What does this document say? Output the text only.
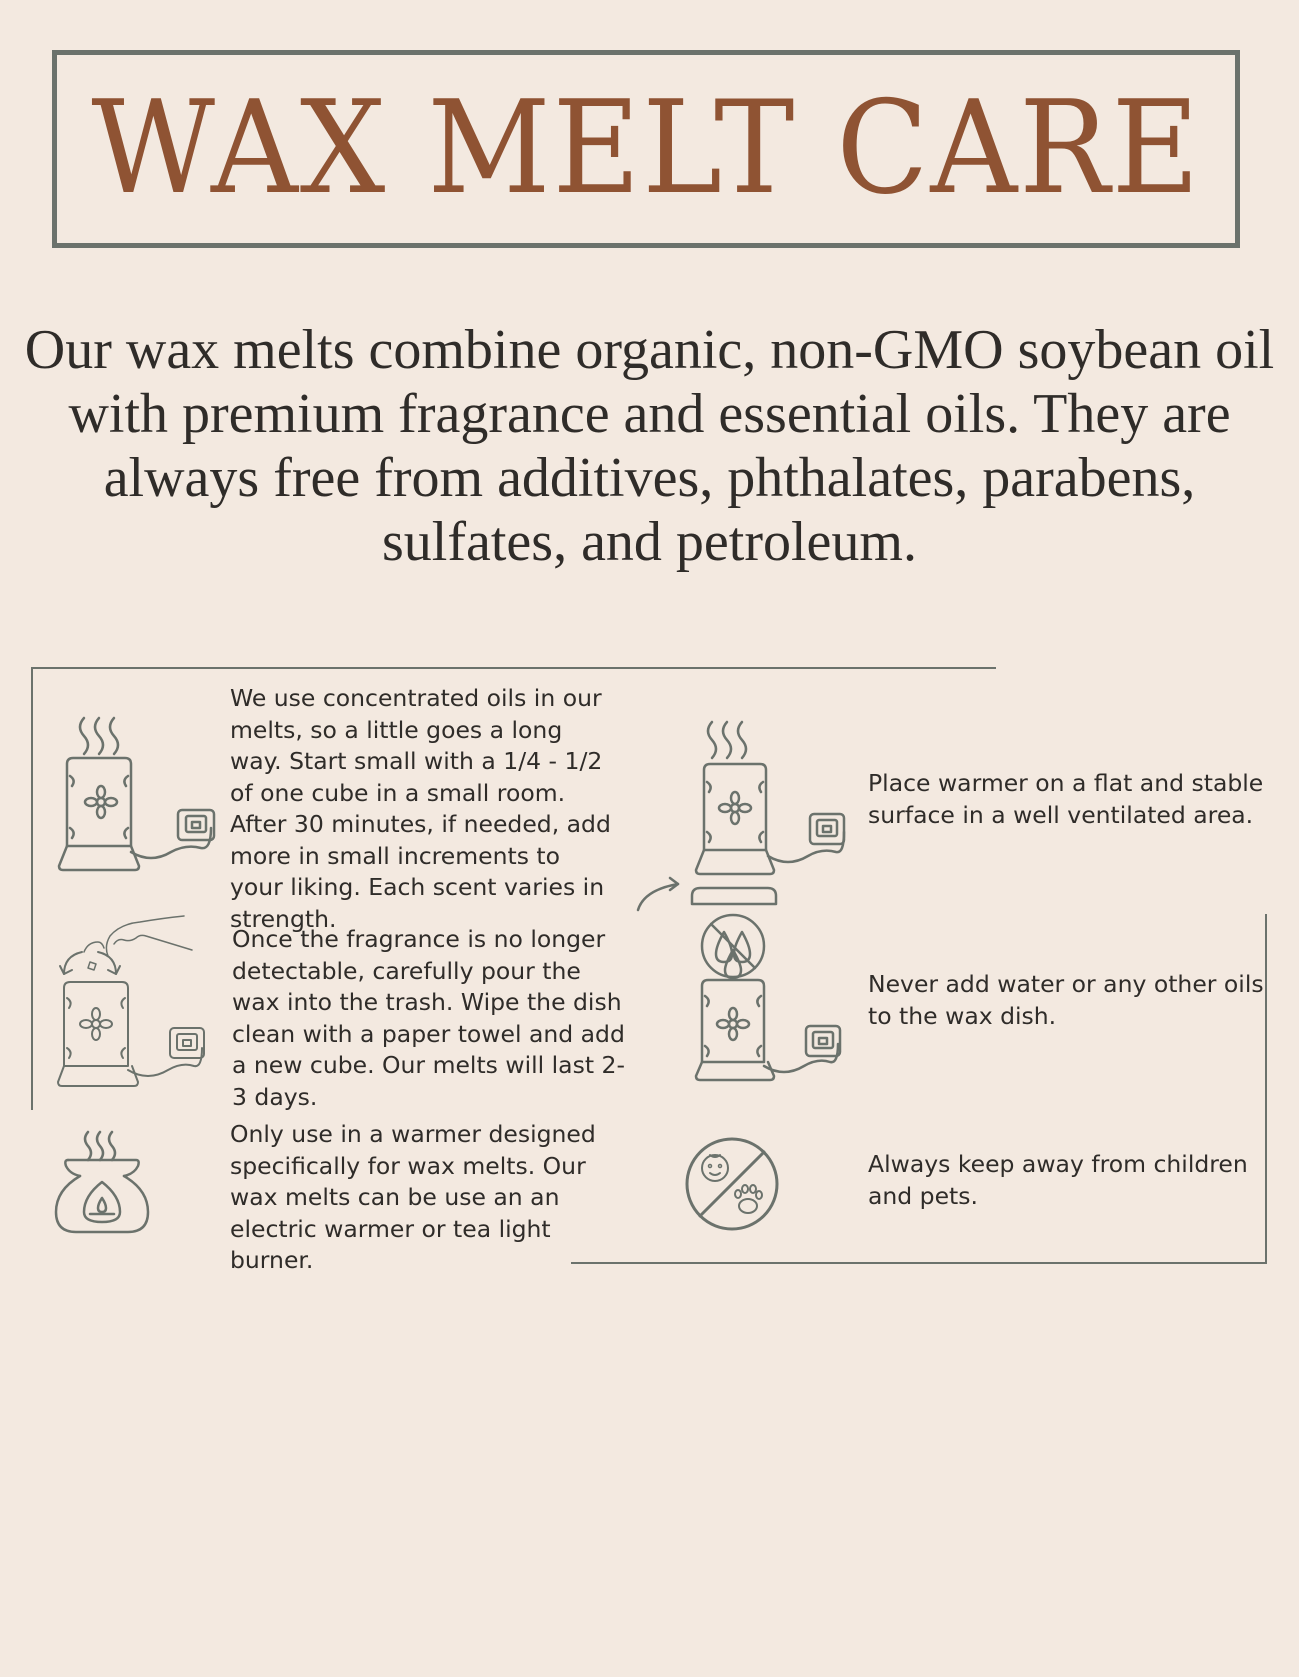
WAX MELT CARE

Our wax melts combine organic, non-GMO soybean oil with premium fragrance and essential oils. They are always free from additives, phthalates, parabens, sulfates, and petroleum.

We use concentrated oils in our melts, so a little goes a long way. Start small with a 1/4 - 1/2 of one cube in a small room. After 30 minutes, if needed, add more in small increments to your liking. Each scent varies in strength.

Place warmer on a flat and stable surface in a well ventilated area.

Once the fragrance is no longer detectable, carefully pour the wax into the trash. Wipe the dish clean with a paper towel and add a new cube. Our melts will last 2-3 days.

Never add water or any other oils to the wax dish.

Only use in a warmer designed specifically for wax melts. Our wax melts can be use an an electric warmer or tea light burner.

Always keep away from children and pets.
